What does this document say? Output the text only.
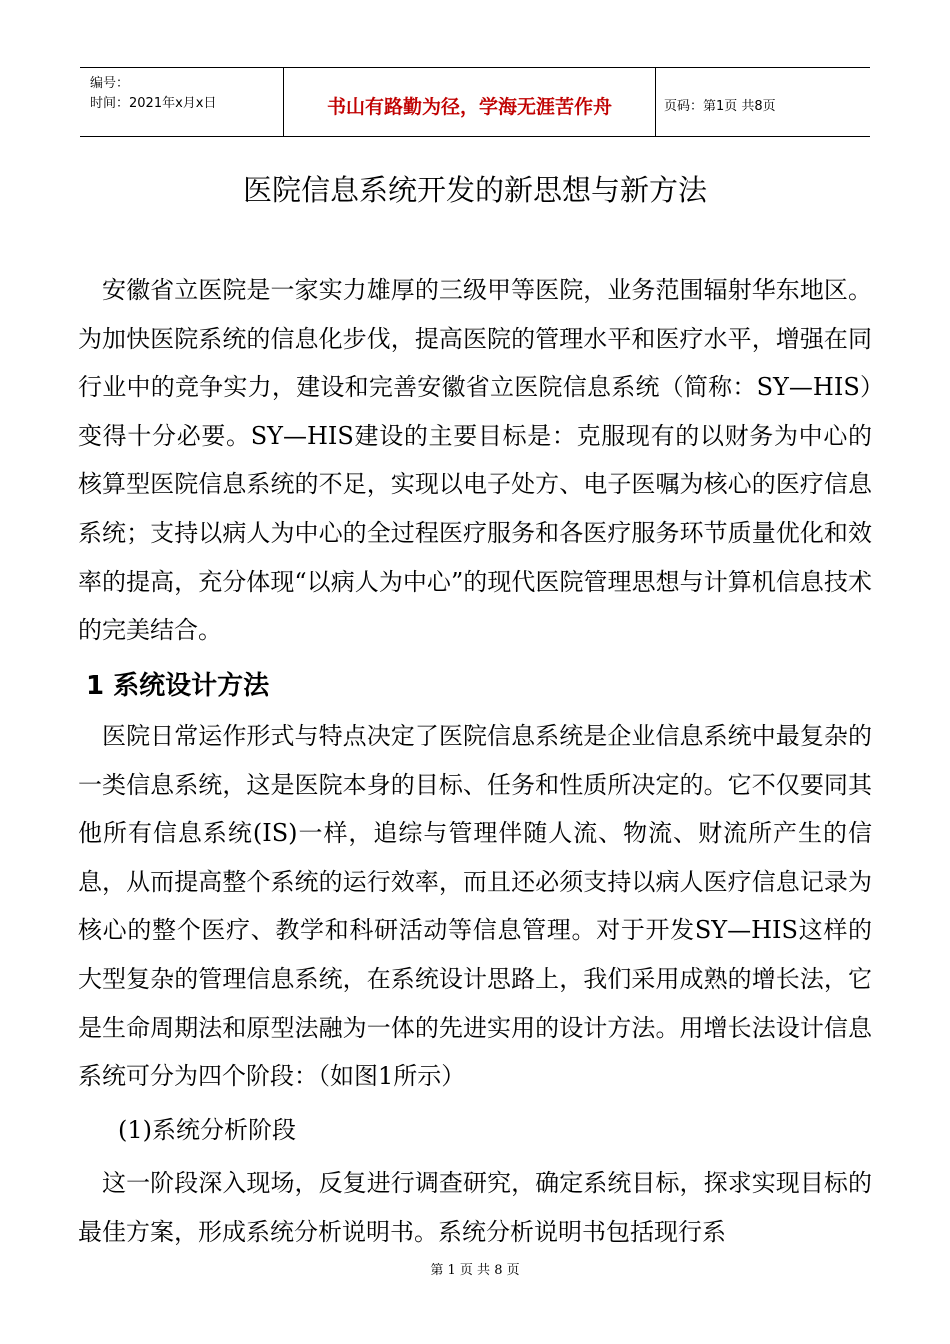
编号：
时间：2021年x月x日	书山有路勤为径，学海无涯苦作舟	页码：第1页 共8页
医院信息系统开发的新思想与新方法

安徽省立医院是一家实力雄厚的三级甲等医院，业务范围辐射华东地区。为加快医院系统的信息化步伐，提高医院的管理水平和医疗水平，增强在同行业中的竞争实力，建设和完善安徽省立医院信息系统（简称：SY—HIS）变得十分必要。SY—HIS建设的主要目标是：克服现有的以财务为中心的核算型医院信息系统的不足，实现以电子处方、电子医嘱为核心的医疗信息系统；支持以病人为中心的全过程医疗服务和各医疗服务环节质量优化和效率的提高，充分体现“以病人为中心”的现代医院管理思想与计算机信息技术的完美结合。

1 系统设计方法

医院日常运作形式与特点决定了医院信息系统是企业信息系统中最复杂的一类信息系统，这是医院本身的目标、任务和性质所决定的。它不仅要同其他所有信息系统(IS)一样，追综与管理伴随人流、物流、财流所产生的信息，从而提高整个系统的运行效率，而且还必须支持以病人医疗信息记录为核心的整个医疗、教学和科研活动等信息管理。对于开发SY—HIS这样的大型复杂的管理信息系统，在系统设计思路上，我们采用成熟的增长法，它是生命周期法和原型法融为一体的先进实用的设计方法。用增长法设计信息系统可分为四个阶段：（如图1所示）

(1)系统分析阶段

这一阶段深入现场，反复进行调查研究，确定系统目标，探求实现目标的最佳方案，形成系统分析说明书。系统分析说明书包括现行系

第 1 页 共 8 页
